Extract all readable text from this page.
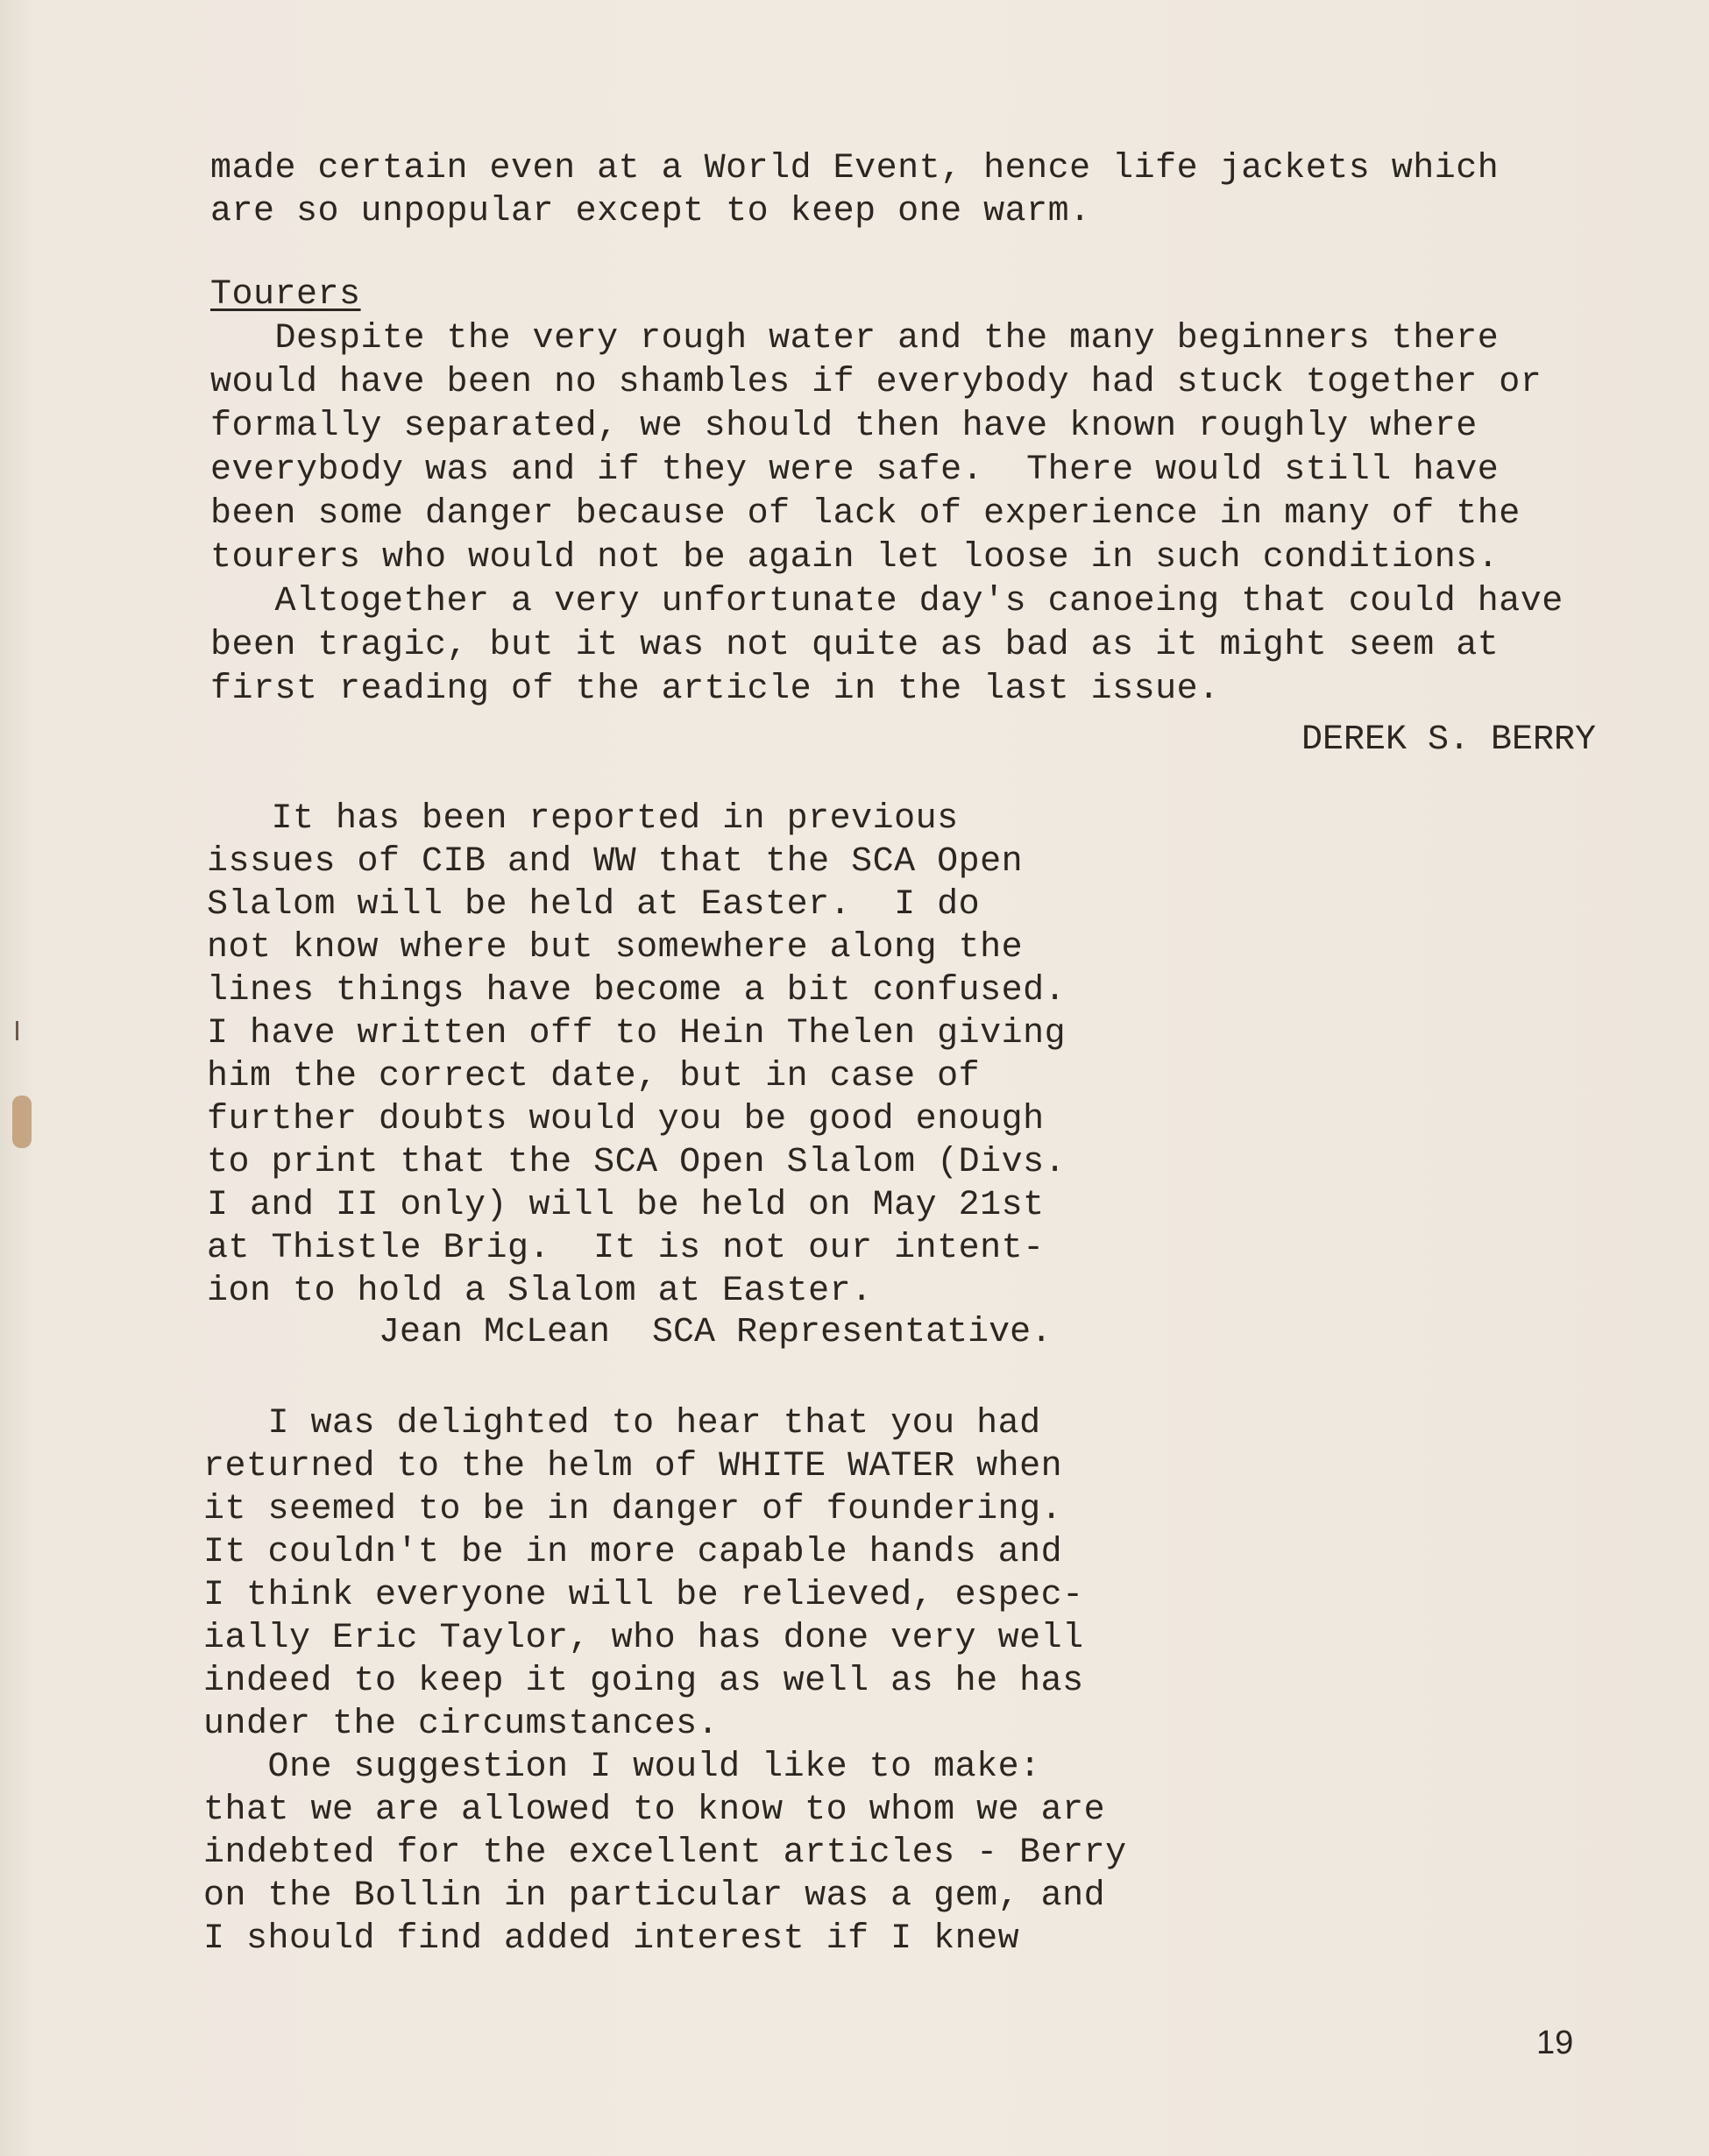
made certain even at a World Event, hence life jackets which
are so unpopular except to keep one warm.
Tourers
Despite the very rough water and the many beginners there
would have been no shambles if everybody had stuck together or
formally separated, we should then have known roughly where
everybody was and if they were safe.  There would still have
been some danger because of lack of experience in many of the
tourers who would not be again let loose in such conditions.
Altogether a very unfortunate day's canoeing that could have
been tragic, but it was not quite as bad as it might seem at
first reading of the article in the last issue.
DEREK S. BERRY
It has been reported in previous
issues of CIB and WW that the SCA Open
Slalom will be held at Easter.  I do
not know where but somewhere along the
lines things have become a bit confused.
I have written off to Hein Thelen giving
him the correct date, but in case of
further doubts would you be good enough
to print that the SCA Open Slalom (Divs.
I and II only) will be held on May 21st
at Thistle Brig.  It is not our intent-
ion to hold a Slalom at Easter.
Jean McLean  SCA Representative.
I was delighted to hear that you had
returned to the helm of WHITE WATER when
it seemed to be in danger of foundering.
It couldn't be in more capable hands and
I think everyone will be relieved, espec-
ially Eric Taylor, who has done very well
indeed to keep it going as well as he has
under the circumstances.
One suggestion I would like to make:
that we are allowed to know to whom we are
indebted for the excellent articles - Berry
on the Bollin in particular was a gem, and
I should find added interest if I knew
19
